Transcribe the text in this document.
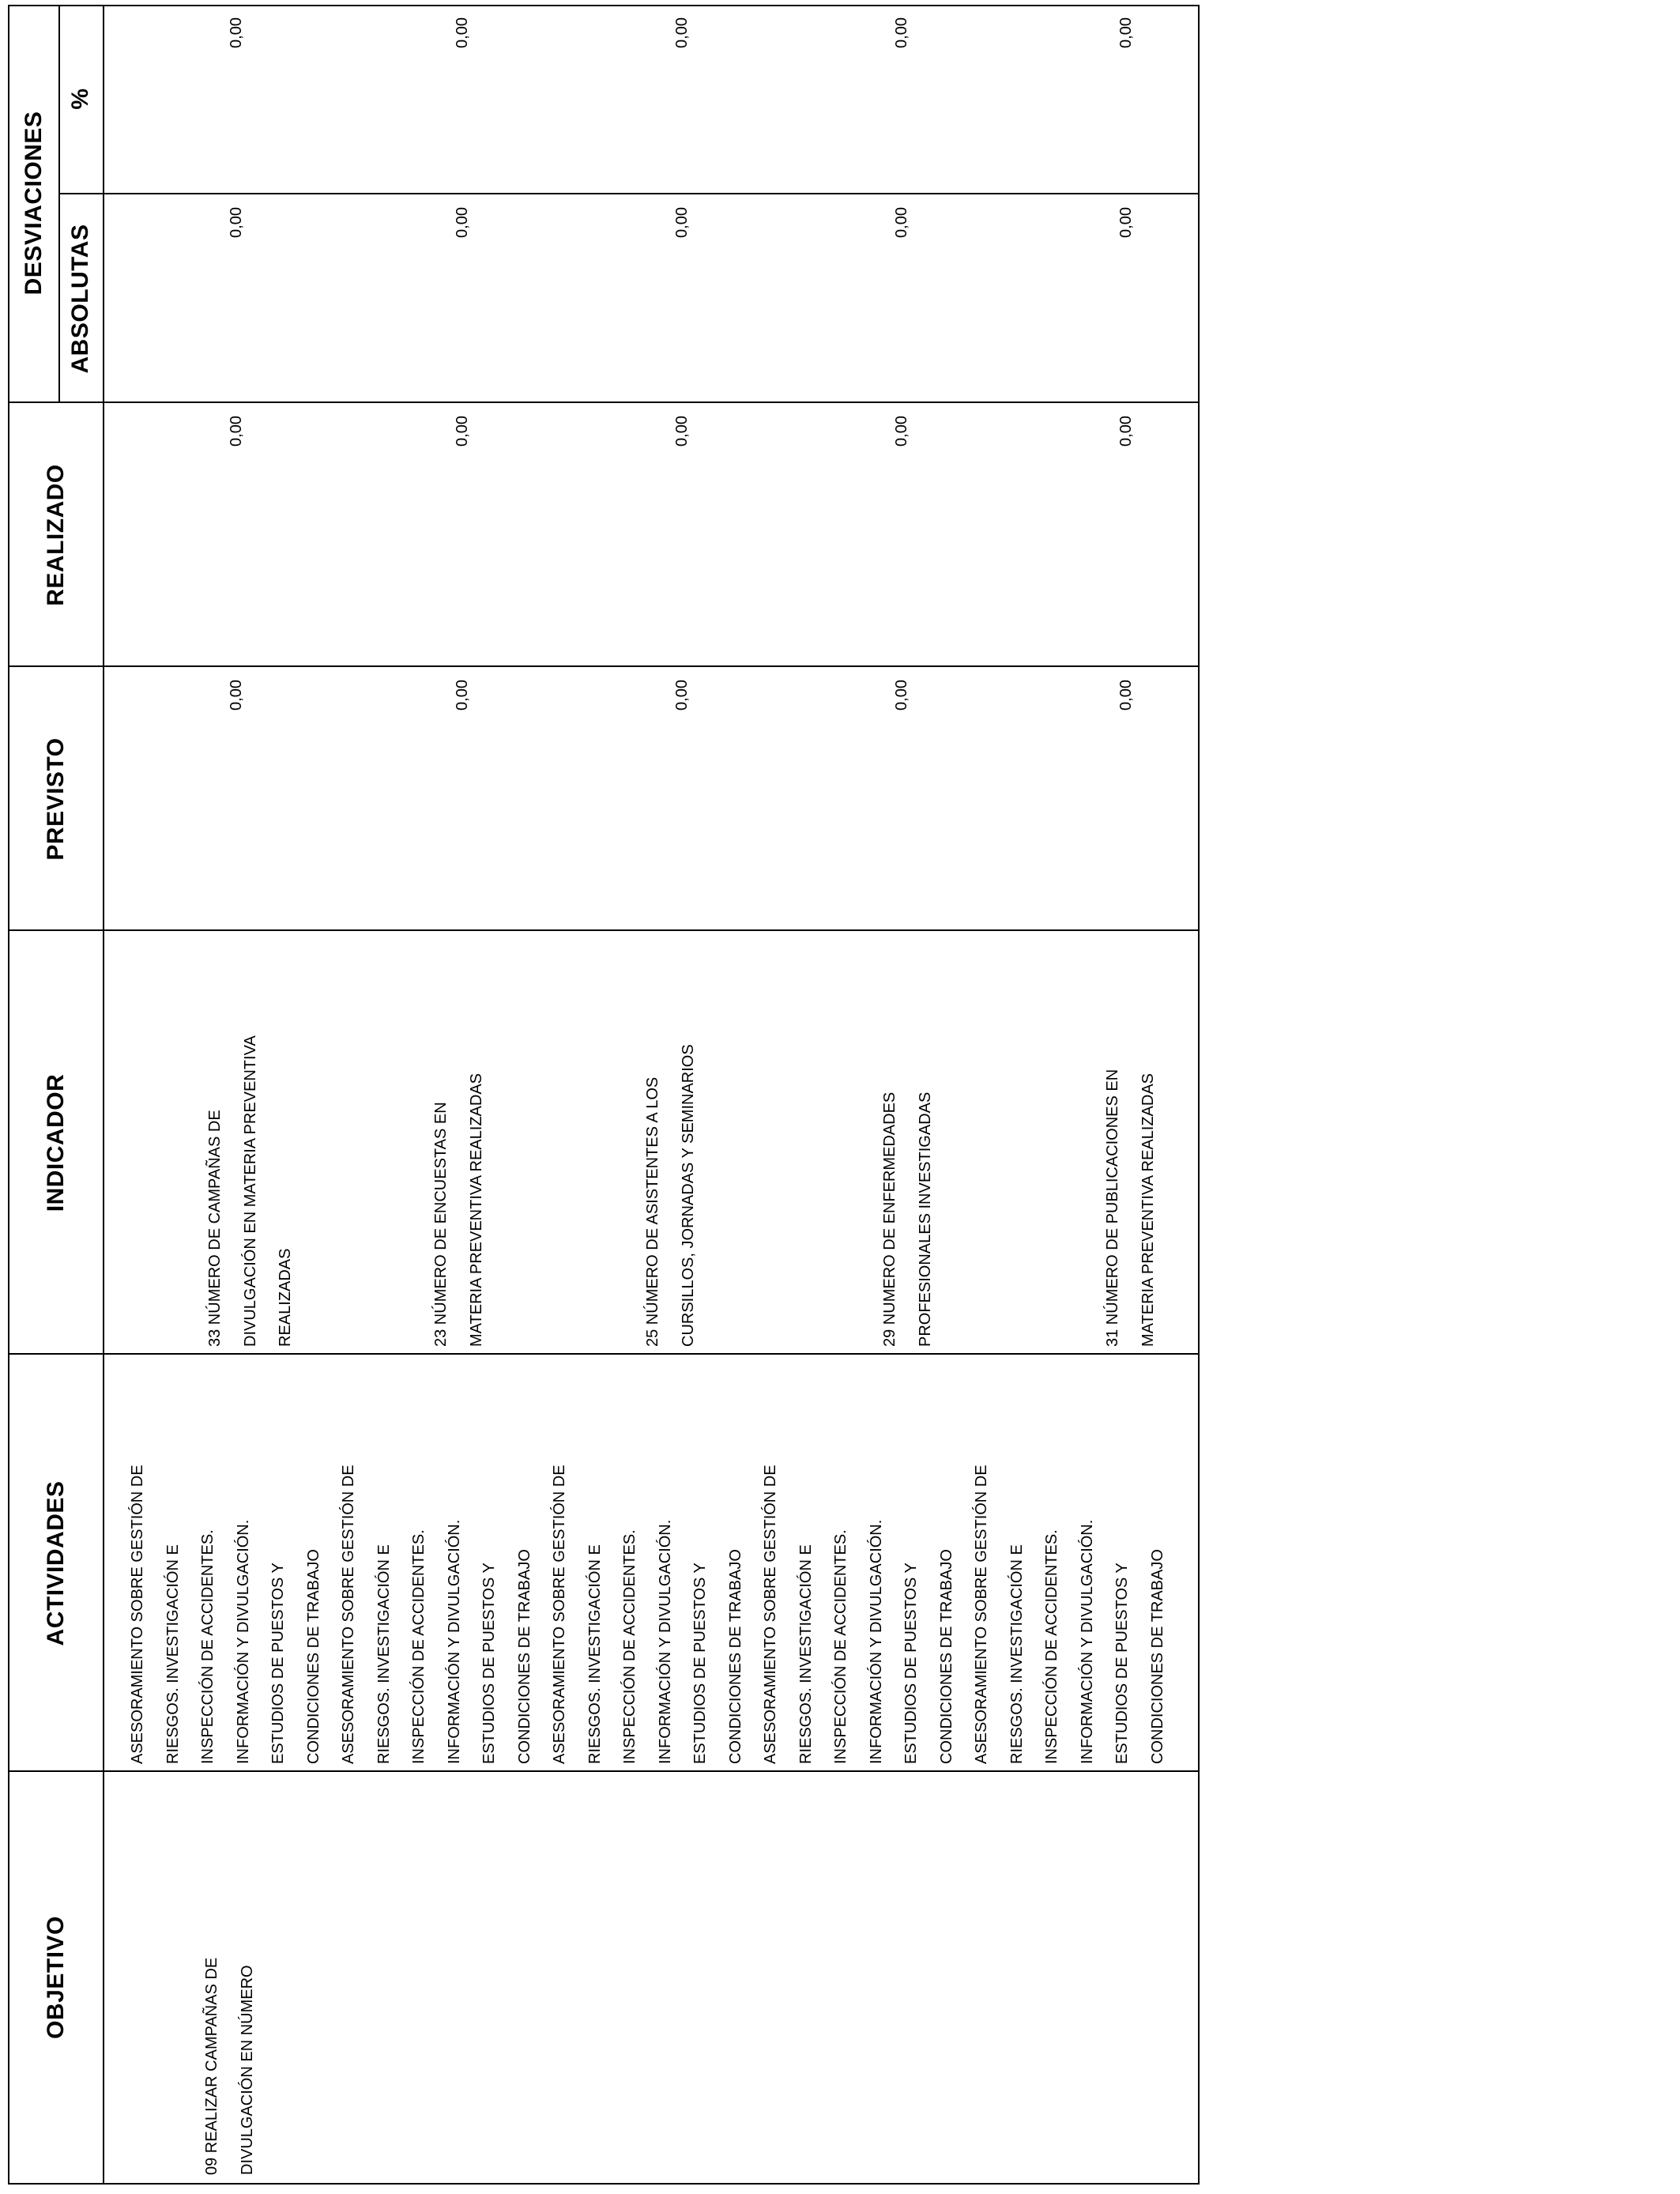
OBJETIVO
ACTIVIDADES
INDICADOR
PREVISTO
REALIZADO
DESVIACIONES
ABSOLUTAS
%
09 REALIZAR CAMPAÑAS DE
DIVULGACIÓN EN NÚMERO
ASESORAMIENTO SOBRE GESTIÓN DE
RIESGOS. INVESTIGACIÓN E
INSPECCIÓN DE ACCIDENTES.
INFORMACIÓN Y DIVULGACIÓN.
ESTUDIOS DE PUESTOS Y
CONDICIONES DE TRABAJO
ASESORAMIENTO SOBRE GESTIÓN DE
RIESGOS. INVESTIGACIÓN E
INSPECCIÓN DE ACCIDENTES.
INFORMACIÓN Y DIVULGACIÓN.
ESTUDIOS DE PUESTOS Y
CONDICIONES DE TRABAJO
ASESORAMIENTO SOBRE GESTIÓN DE
RIESGOS. INVESTIGACIÓN E
INSPECCIÓN DE ACCIDENTES.
INFORMACIÓN Y DIVULGACIÓN.
ESTUDIOS DE PUESTOS Y
CONDICIONES DE TRABAJO
ASESORAMIENTO SOBRE GESTIÓN DE
RIESGOS. INVESTIGACIÓN E
INSPECCIÓN DE ACCIDENTES.
INFORMACIÓN Y DIVULGACIÓN.
ESTUDIOS DE PUESTOS Y
CONDICIONES DE TRABAJO
ASESORAMIENTO SOBRE GESTIÓN DE
RIESGOS. INVESTIGACIÓN E
INSPECCIÓN DE ACCIDENTES.
INFORMACIÓN Y DIVULGACIÓN.
ESTUDIOS DE PUESTOS Y
CONDICIONES DE TRABAJO
33 NÚMERO DE CAMPAÑAS DE
DIVULGACIÓN EN MATERIA PREVENTIVA
REALIZADAS
0,00
0,00
0,00
0,00
23 NÚMERO DE ENCUESTAS EN
MATERIA PREVENTIVA REALIZADAS
0,00
0,00
0,00
0,00
25 NÚMERO DE ASISTENTES A LOS
CURSILLOS, JORNADAS Y SEMINARIOS
0,00
0,00
0,00
0,00
29 NUMERO DE ENFERMEDADES
PROFESIONALES INVESTIGADAS
0,00
0,00
0,00
0,00
31 NÚMERO DE PUBLICACIONES EN
MATERIA PREVENTIVA REALIZADAS
0,00
0,00
0,00
0,00
